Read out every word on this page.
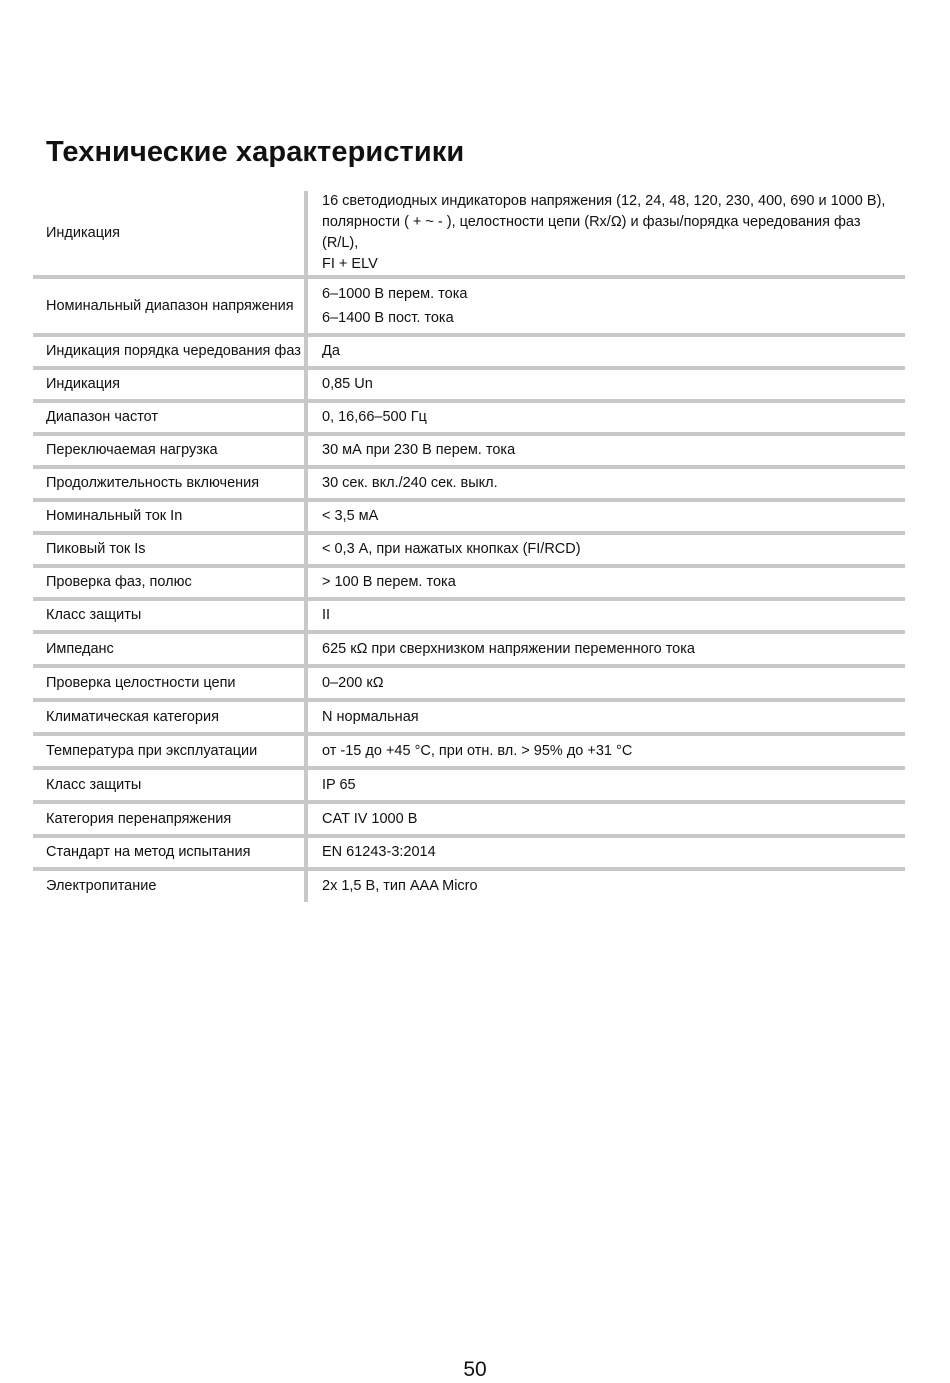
Технические характеристики
Индикация	16 светодиодных индикаторов напряжения (12, 24, 48, 120, 230, 400, 690 и 1000 В),
полярности ( + ~ - ), целостности цепи (Rx/Ω) и фазы/порядка чередования фаз (R/L),
FI + ELV

Номинальный диапазон напряжения	6–1000 В перем. тока
6–1400 В пост. тока

Индикация порядка чередования фаз	Да

Индикация	0,85 Un

Диапазон частот	0, 16,66–500 Гц

Переключаемая нагрузка	30 мА при 230 В перем. тока

Продолжительность включения	30 сек. вкл./240 сек. выкл.

Номинальный ток In	< 3,5 мА

Пиковый ток Is	< 0,3 А, при нажатых кнопках (FI/RCD)

Проверка фаз, полюс	> 100 В перем. тока

Класс защиты	II

Импеданс	625 кΩ при сверхнизком напряжении переменного тока

Проверка целостности цепи	0–200 кΩ

Климатическая категория	N нормальная

Температура при эксплуатации	от -15 до +45 °C, при отн. вл. > 95% до +31 °C

Класс защиты	IP 65

Категория перенапряжения	CAT IV 1000 В

Стандарт на метод испытания	EN 61243-3:2014

Электропитание	2x 1,5 В, тип AAA Micro
50
